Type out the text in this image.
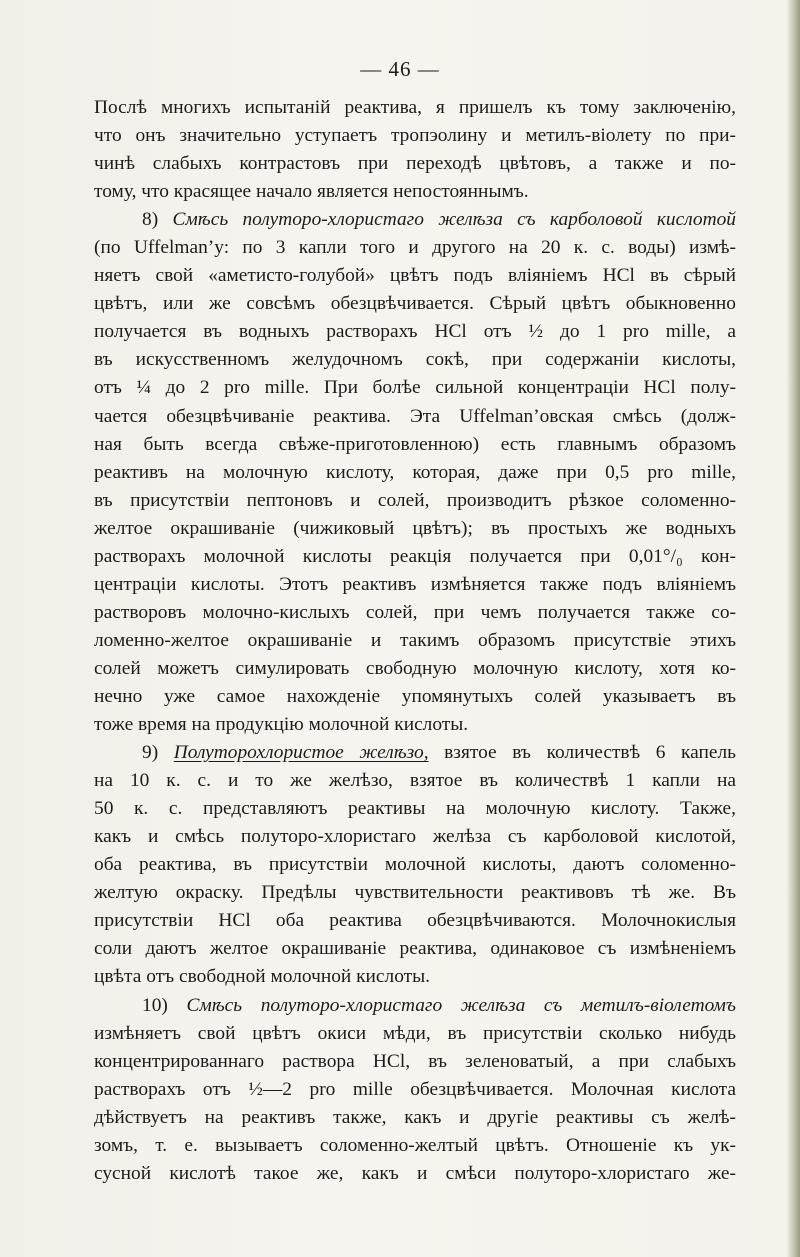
— 46 —
Послѣ многихъ испытаній реактива, я пришелъ къ тому заключенію,
что онъ значительно уступаетъ тропэолину и метилъ-віолету по при-
чинѣ слабыхъ контрастовъ при переходѣ цвѣтовъ, а также и по-
тому, что красящее начало является непостояннымъ.
8) Смѣсь полуторо-хлористаго желѣза съ карболовой кислотой
(по Uffelman’у: по 3 капли того и другого на 20 к. с. воды) измѣ-
няетъ свой «аметисто-голубой» цвѣтъ подъ вліяніемъ HCl въ сѣрый
цвѣтъ, или же совсѣмъ обезцвѣчивается. Сѣрый цвѣтъ обыкновенно
получается въ водныхъ растворахъ HCl отъ ½ до 1 pro mille, а
въ искусственномъ желудочномъ сокѣ, при содержаніи кислоты,
отъ ¼ до 2 pro mille. При болѣе сильной концентраціи HCl полу-
чается обезцвѣчиваніе реактива. Эта Uffelman’овская смѣсь (долж-
ная быть всегда свѣже-приготовленною) есть главнымъ образомъ
реактивъ на молочную кислоту, которая, даже при 0,5 pro mille,
въ присутствіи пептоновъ и солей, производитъ рѣзкое соломенно-
желтое окрашиваніе (чижиковый цвѣтъ); въ простыхъ же водныхъ
растворахъ молочной кислоты реакція получается при 0,01°/₀ кон-
центраціи кислоты. Этотъ реактивъ измѣняется также подъ вліяніемъ
растворовъ молочно-кислыхъ солей, при чемъ получается также со-
ломенно-желтое окрашиваніе и такимъ образомъ присутствіе этихъ
солей можетъ симулировать свободную молочную кислоту, хотя ко-
нечно уже самое нахожденіе упомянутыхъ солей указываетъ въ
тоже время на продукцію молочной кислоты.
9) Полуторохлористое желѣзо, взятое въ количествѣ 6 капель
на 10 к. с. и то же желѣзо, взятое въ количествѣ 1 капли на
50 к. с. представляютъ реактивы на молочную кислоту. Также,
какъ и смѣсь полуторо-хлористаго желѣза съ карболовой кислотой,
оба реактива, въ присутствіи молочной кислоты, даютъ соломенно-
желтую окраску. Предѣлы чувствительности реактивовъ тѣ же. Въ
присутствіи HCl оба реактива обезцвѣчиваются. Молочнокислыя
соли даютъ желтое окрашиваніе реактива, одинаковое съ измѣненіемъ
цвѣта отъ свободной молочной кислоты.
10) Смѣсь полуторо-хлористаго желѣза съ метилъ-віолетомъ
измѣняетъ свой цвѣтъ окиси мѣди, въ присутствіи сколько нибудь
концентрированнаго раствора HCl, въ зеленоватый, а при слабыхъ
растворахъ отъ ½—2 pro mille обезцвѣчивается. Молочная кислота
дѣйствуетъ на реактивъ также, какъ и другіе реактивы съ желѣ-
зомъ, т. е. вызываетъ соломенно-желтый цвѣтъ. Отношеніе къ ук-
сусной кислотѣ такое же, какъ и смѣси полуторо-хлористаго же-
